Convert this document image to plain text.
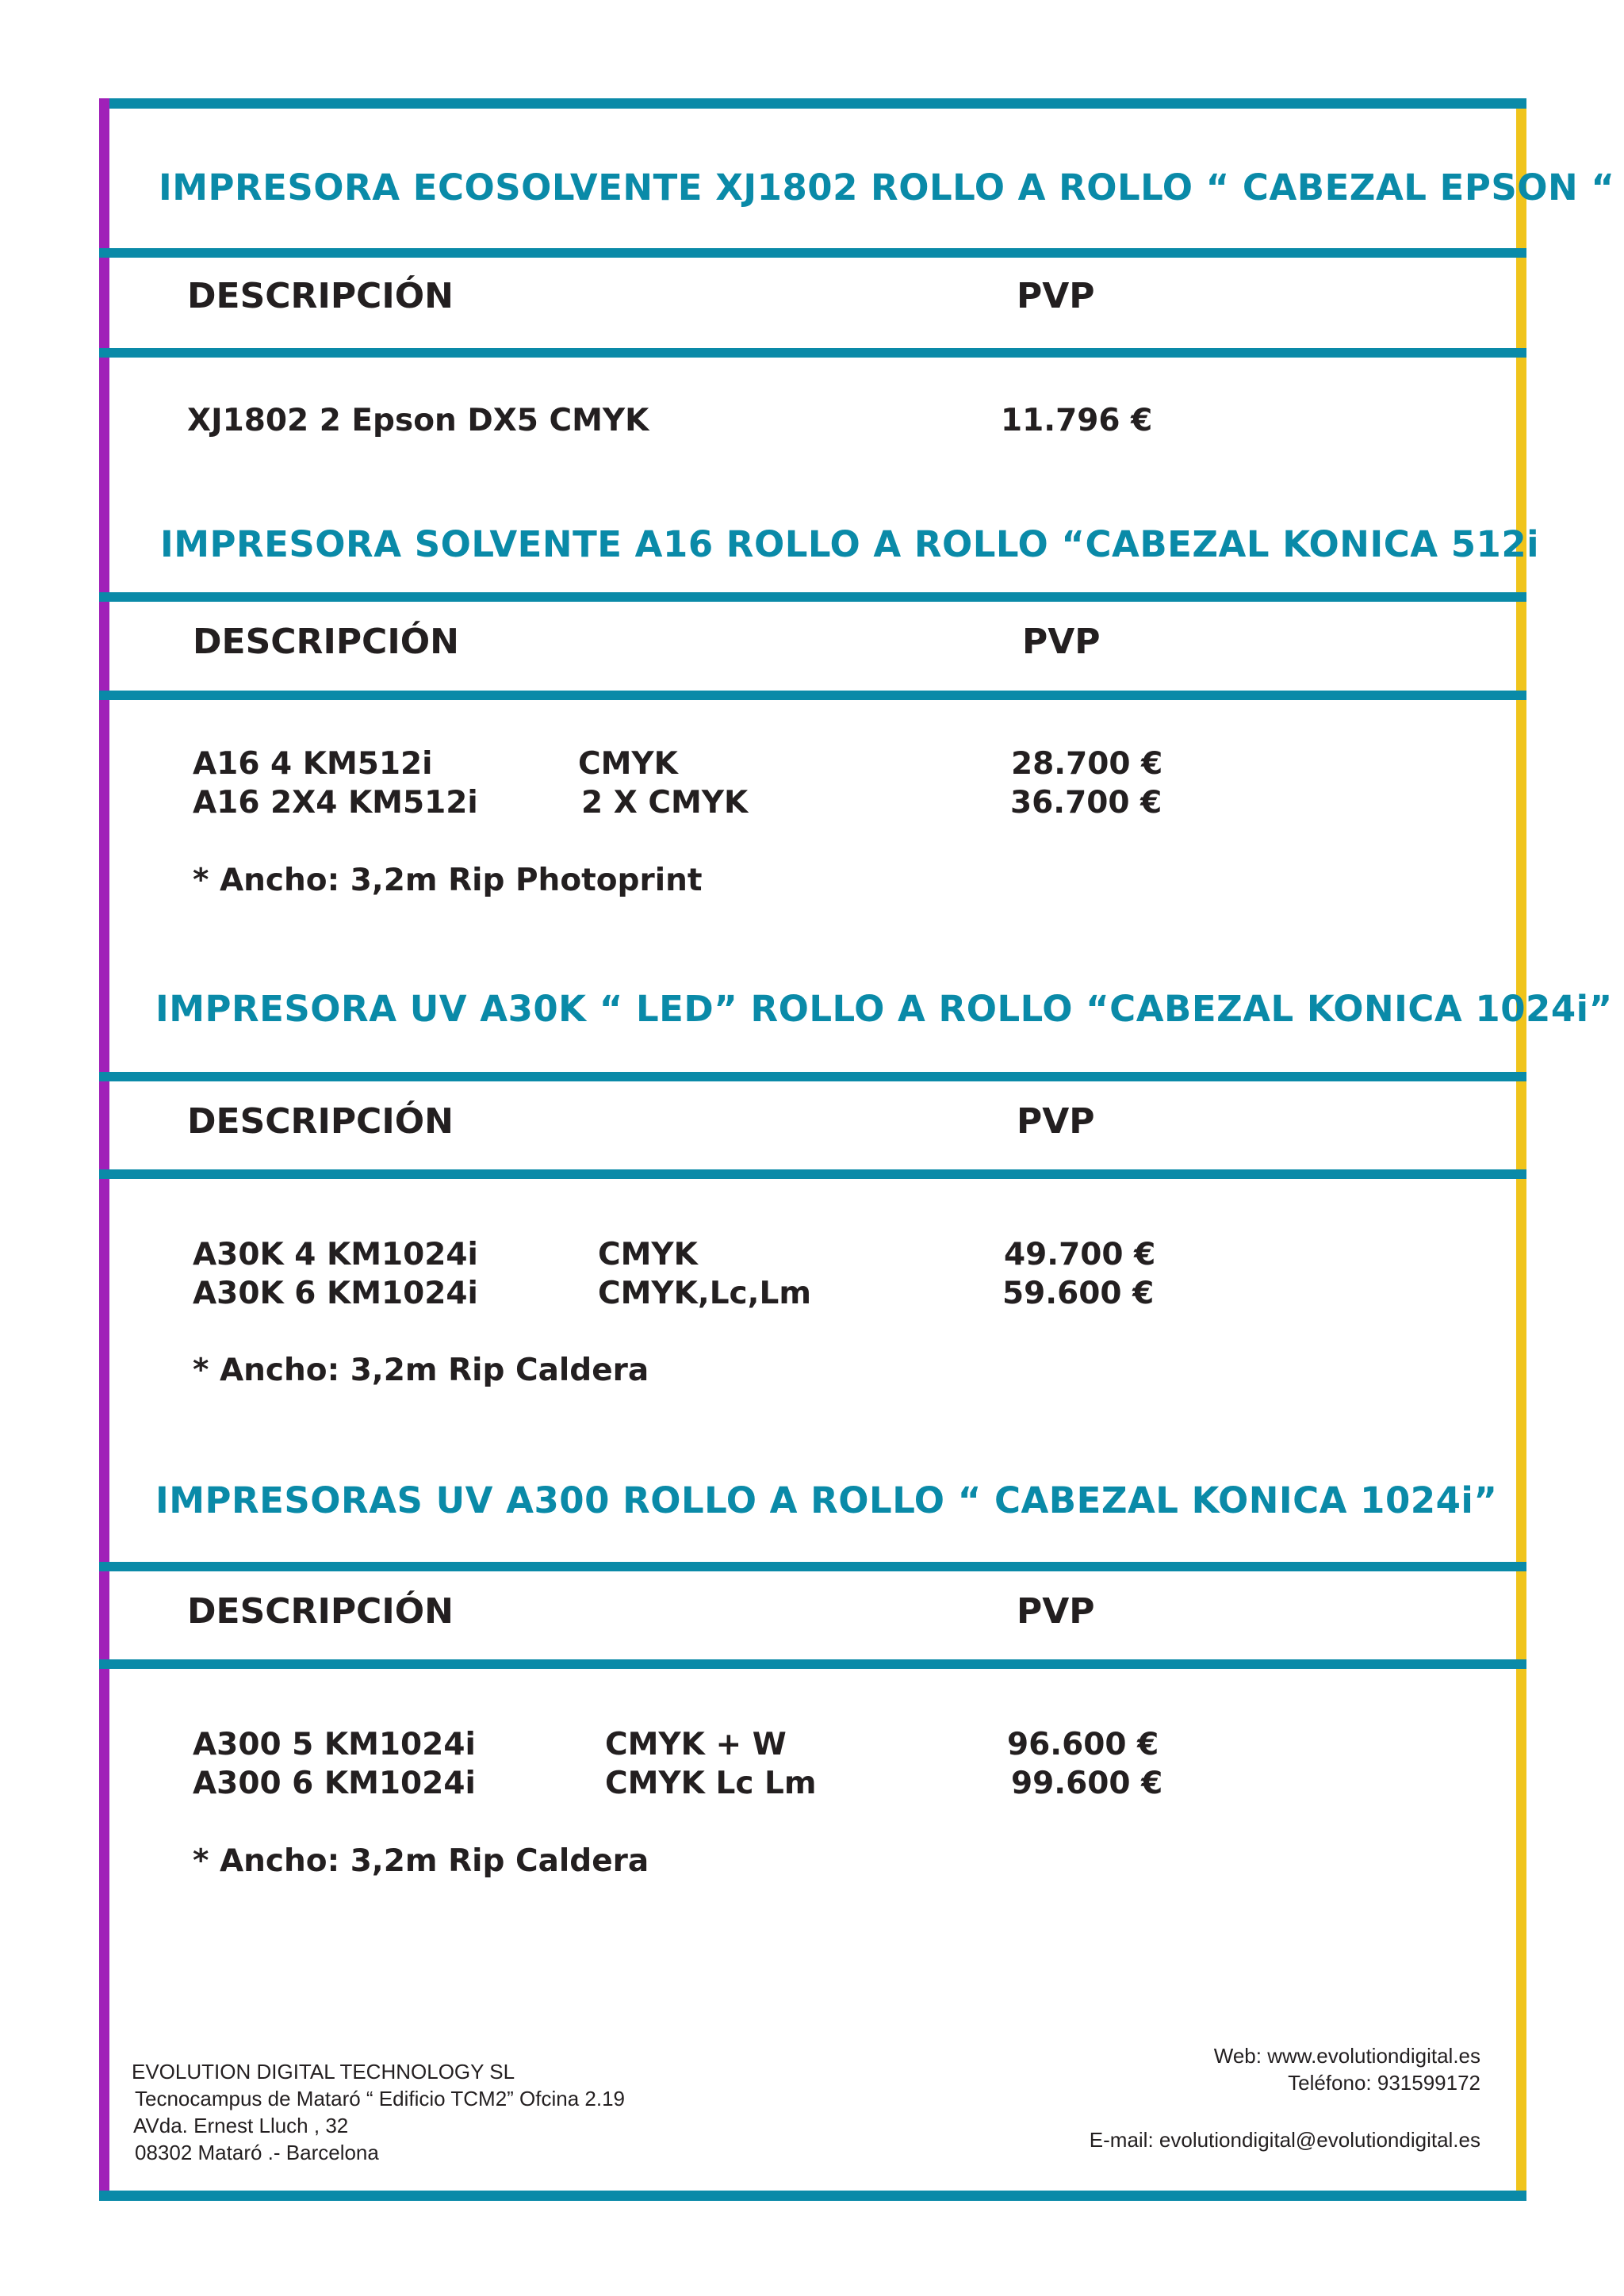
IMPRESORA ECOSOLVENTE XJ1802 ROLLO A ROLLO “ CABEZAL EPSON “
DESCRIPCIÓN	PVP
XJ1802 2 Epson DX5 CMYK	11.796 €
IMPRESORA SOLVENTE A16 ROLLO A ROLLO “CABEZAL KONICA 512i
DESCRIPCIÓN	PVP
A16 4 KM512i	CMYK	28.700 €
A16 2X4 KM512i	2 X CMYK	36.700 €
* Ancho: 3,2m Rip Photoprint
IMPRESORA UV A30K “ LED” ROLLO A ROLLO “CABEZAL KONICA 1024i”
DESCRIPCIÓN	PVP
A30K 4 KM1024i	CMYK	49.700 €
A30K 6 KM1024i	CMYK,Lc,Lm	59.600 €
* Ancho: 3,2m Rip Caldera
IMPRESORAS UV A300 ROLLO A ROLLO “ CABEZAL KONICA 1024i”
DESCRIPCIÓN	PVP
A300 5 KM1024i	CMYK + W	96.600 €
A300 6 KM1024i	CMYK Lc Lm	99.600 €
* Ancho: 3,2m Rip Caldera
EVOLUTION DIGITAL TECHNOLOGY SL
Tecnocampus de Mataró “ Edificio TCM2” Ofcina 2.19
AVda. Ernest Lluch , 32
08302 Mataró .- Barcelona
Web: www.evolutiondigital.es
Teléfono: 931599172
E-mail: evolutiondigital@evolutiondigital.es
